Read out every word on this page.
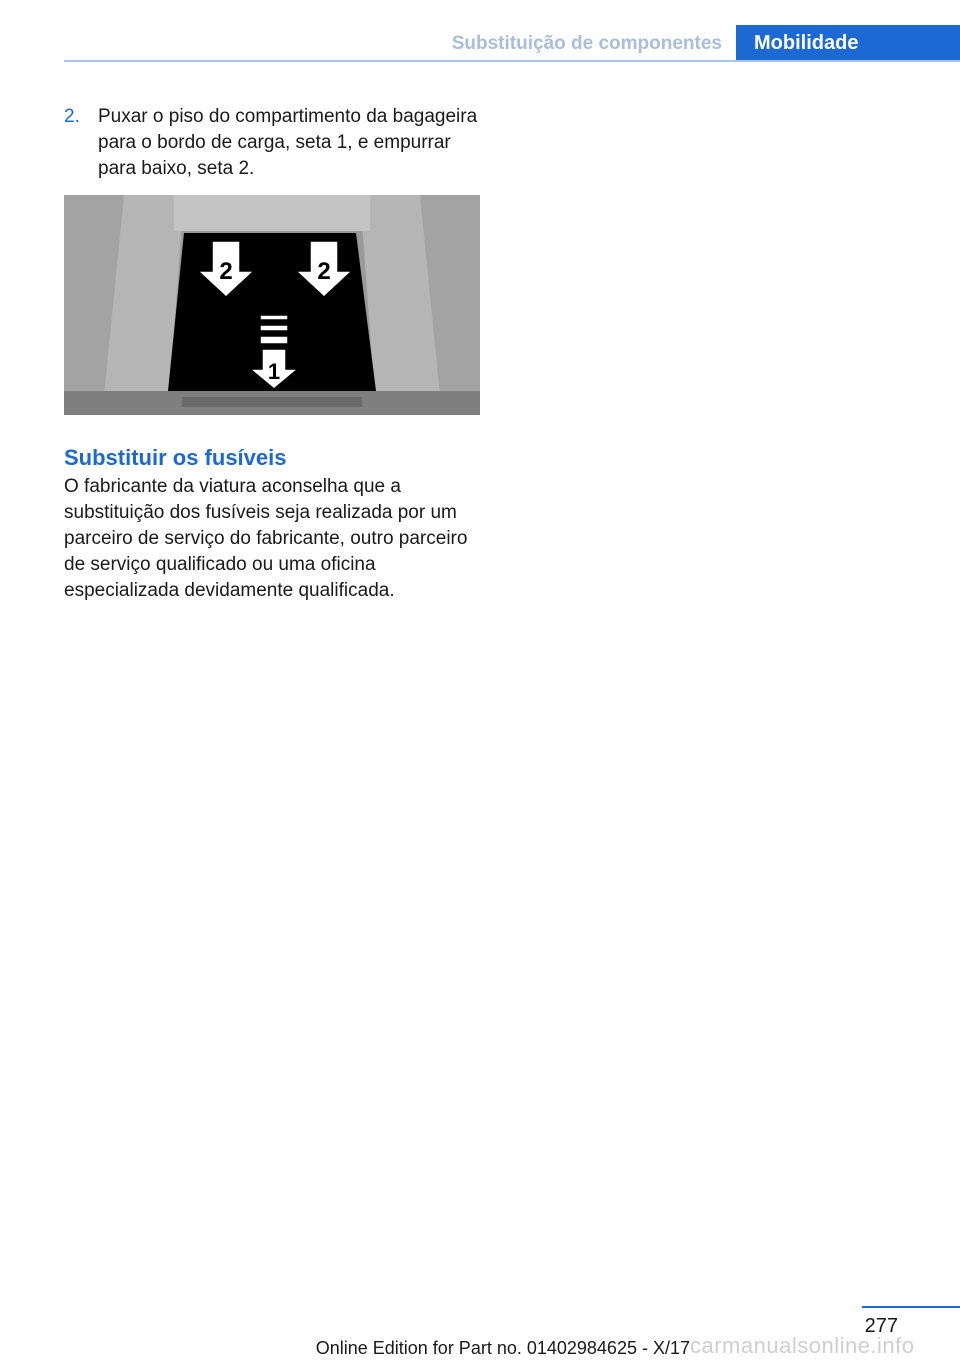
Substituição de componentes	Mobilidade
2. Puxar o piso do compartimento da bagageira para o bordo de carga, seta 1, e empurrar para baixo, seta 2.
2	2
1
Substituir os fusíveis
O fabricante da viatura aconselha que a substituição dos fusíveis seja realizada por um parceiro de serviço do fabricante, outro parceiro de serviço qualificado ou uma oficina especializada devidamente qualificada.
277
Online Edition for Part no. 01402984625 - X/17 carmanualsonline.info
